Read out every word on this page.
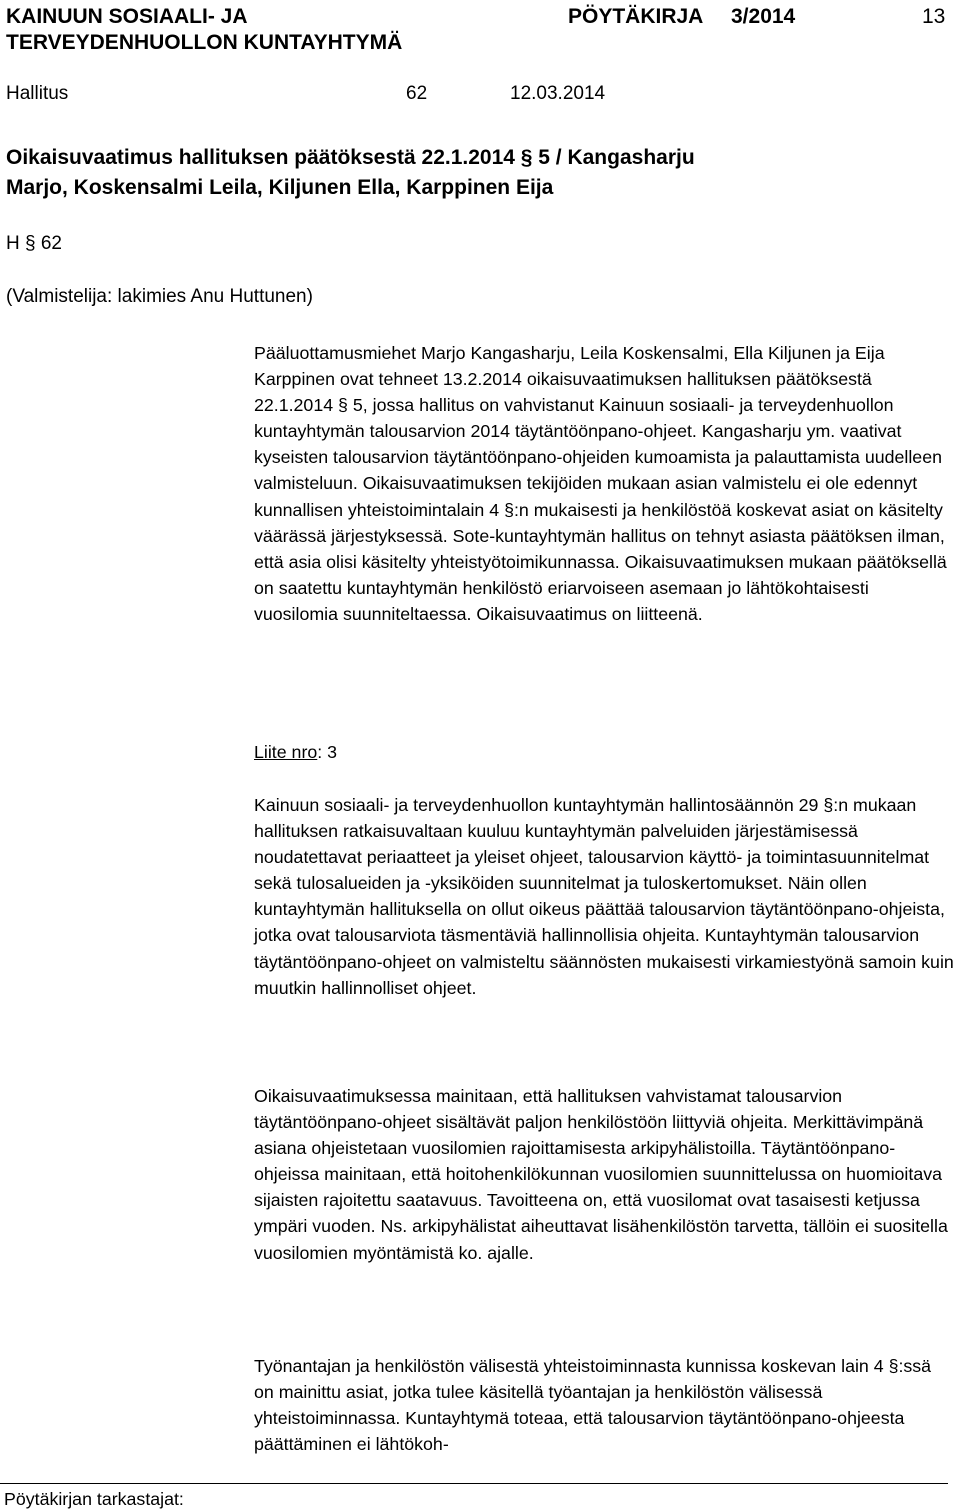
KAINUUN SOSIAALI- JA
TERVEYDENHUOLLON KUNTAYHTYMÄ
PÖYTÄKIRJA 3/2014	13
Hallitus	62	12.03.2014
Oikaisuvaatimus hallituksen päätöksestä 22.1.2014 § 5 / Kangasharju
Marjo, Koskensalmi Leila, Kiljunen Ella, Karppinen Eija
H § 62
(Valmistelija: lakimies Anu Huttunen)

Pääluottamusmiehet Marjo Kangasharju, Leila Koskensalmi, Ella Kiljunen ja Eija Karppinen ovat tehneet 13.2.2014 oikaisuvaatimuksen hallituksen päätöksestä 22.1.2014 § 5, jossa hallitus on vahvistanut Kainuun sosiaali- ja terveydenhuollon kuntayhtymän talousarvion 2014 täytäntöönpano-ohjeet. Kangasharju ym. vaativat kyseisten talousarvion täytäntöönpano-ohjeiden kumoamista ja palauttamista uudelleen valmisteluun. Oikaisuvaatimuksen tekijöiden mukaan asian valmistelu ei ole edennyt kunnallisen yhteistoimintalain 4 §:n mukaisesti ja henkilöstöä koskevat asiat on käsitelty väärässä järjestyksessä. Sote-kuntayhtymän hallitus on tehnyt asiasta päätöksen ilman, että asia olisi käsitelty yhteistyötoimikunnassa. Oikaisuvaatimuksen mukaan päätöksellä on saatettu kuntayhtymän henkilöstö eriarvoiseen asemaan jo lähtökohtaisesti vuosilomia suunniteltaessa. Oikaisuvaatimus on liitteenä.

Liite nro: 3

Kainuun sosiaali- ja terveydenhuollon kuntayhtymän hallintosäännön 29 §:n mukaan hallituksen ratkaisuvaltaan kuuluu kuntayhtymän palveluiden järjestämisessä noudatettavat periaatteet ja yleiset ohjeet, talousarvion käyttö- ja toimintasuunnitelmat sekä tulosalueiden ja -yksiköiden suunnitelmat ja tuloskertomukset. Näin ollen kuntayhtymän hallituksella on ollut oikeus päättää talousarvion täytäntöönpano-ohjeista, jotka ovat talousarviota täsmentäviä hallinnollisia ohjeita. Kuntayhtymän talousarvion täytäntöönpano-ohjeet on valmisteltu säännösten mukaisesti virkamiestyönä samoin kuin muutkin hallinnolliset ohjeet.

Oikaisuvaatimuksessa mainitaan, että hallituksen vahvistamat talousarvion täytäntöönpano-ohjeet sisältävät paljon henkilöstöön liittyviä ohjeita. Merkittävimpänä asiana ohjeistetaan vuosilomien rajoittamisesta arkipyhälistoilla. Täytäntöönpano-ohjeissa mainitaan, että hoitohenkilökunnan vuosilomien suunnittelussa on huomioitava sijaisten rajoitettu saatavuus. Tavoitteena on, että vuosilomat ovat tasaisesti ketjussa ympäri vuoden. Ns. arkipyhälistat aiheuttavat lisähenkilöstön tarvetta, tällöin ei suositella vuosilomien myöntämistä ko. ajalle.

Työnantajan ja henkilöstön välisestä yhteistoiminnasta kunnissa koskevan lain 4 §:ssä on mainittu asiat, jotka tulee käsitellä työantajan ja henkilöstön välisessä yhteistoiminnassa. Kuntayhtymä toteaa, että talousarvion täytäntöönpano-ohjeesta päättäminen ei lähtökoh-

Pöytäkirjan tarkastajat:
